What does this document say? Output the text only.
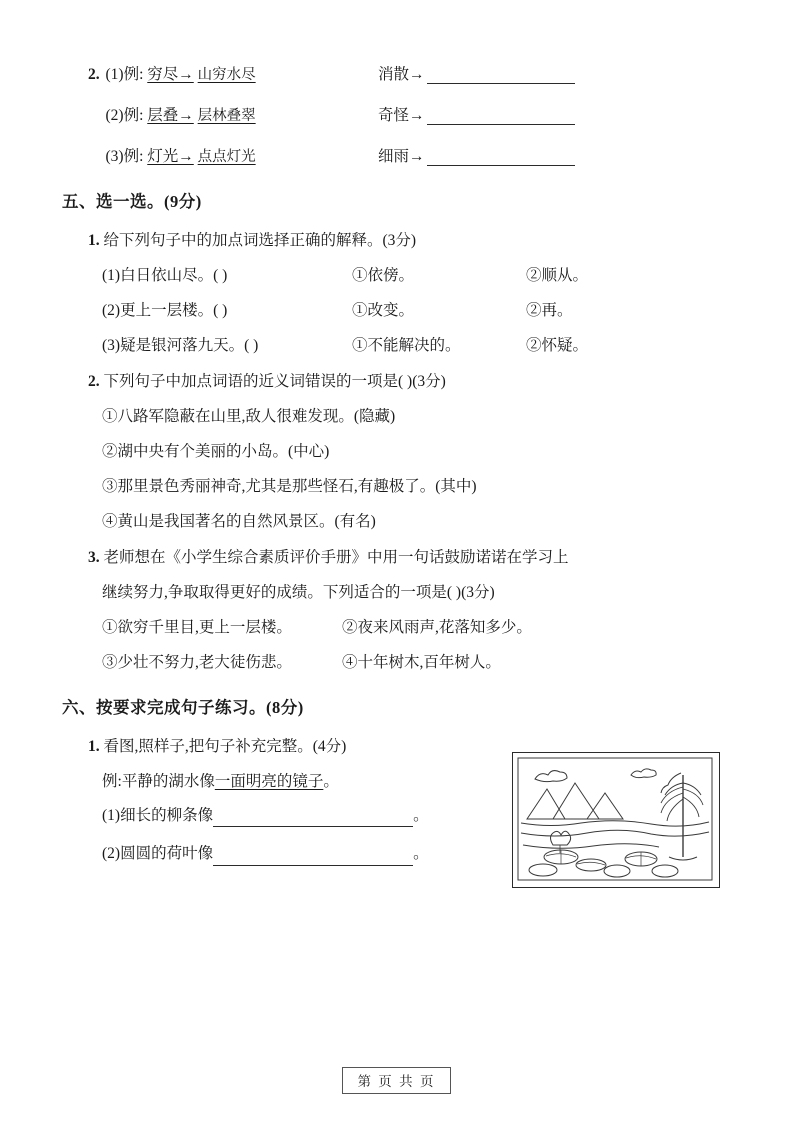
2. (1)例: 穷尽→ 山穷水尽	消散→
(2)例: 层叠→ 层林叠翠	奇怪→
(3)例: 灯光→ 点点灯光	细雨→
五、选一选。(9分)
1. 给下列句子中的加点词选择正确的解释。(3分)
(1)白日依山尽。( )	①依傍。	②顺从。
(2)更上一层楼。( )	①改变。	②再。
(3)疑是银河落九天。( )	①不能解决的。	②怀疑。
2. 下列句子中加点词语的近义词错误的一项是( )(3分)
①八路军隐蔽在山里,敌人很难发现。(隐藏)
②湖中央有个美丽的小岛。(中心)
③那里景色秀丽神奇,尤其是那些怪石,有趣极了。(其中)
④黄山是我国著名的自然风景区。(有名)
3. 老师想在《小学生综合素质评价手册》中用一句话鼓励诺诺在学习上
继续努力,争取取得更好的成绩。下列适合的一项是( )(3分)
①欲穷千里目,更上一层楼。	②夜来风雨声,花落知多少。
③少壮不努力,老大徒伤悲。	④十年树木,百年树人。
六、按要求完成句子练习。(8分)
1. 看图,照样子,把句子补充完整。(4分)
例:平静的湖水像一面明亮的镜子。
(1)细长的柳条像	。
(2)圆圆的荷叶像	。
第 页 共 页
